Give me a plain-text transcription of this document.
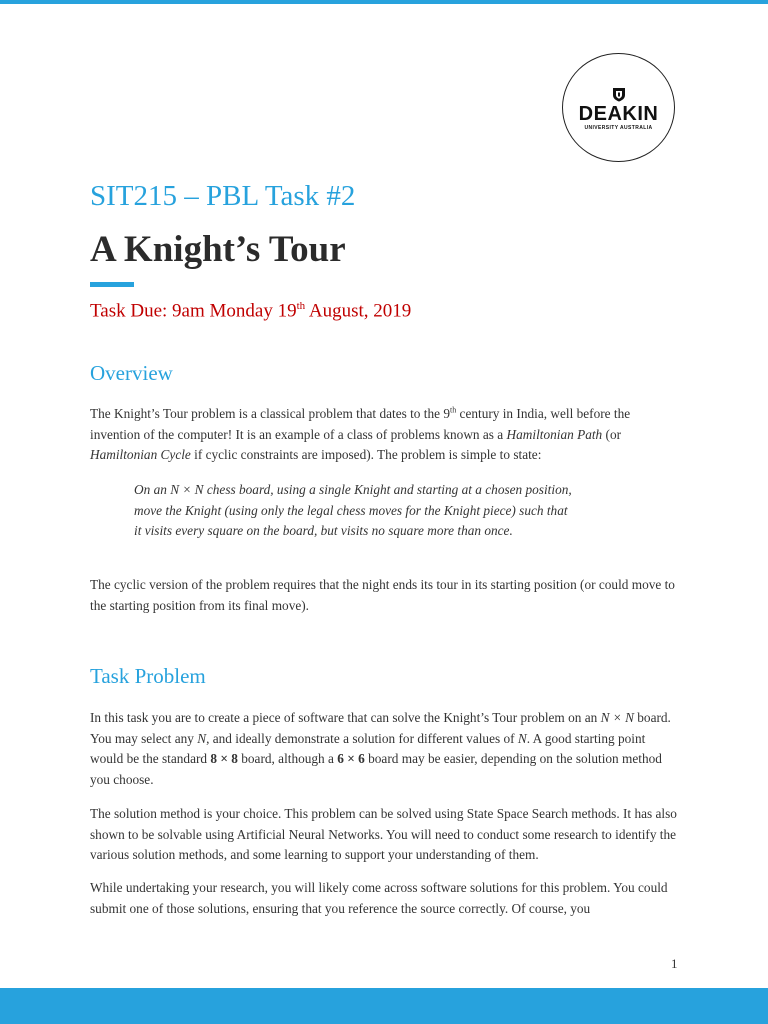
DEAKIN
UNIVERSITY AUSTRALIA
SIT215 – PBL Task #2
A Knight’s Tour
Task Due: 9am Monday 19th August, 2019
Overview
The Knight’s Tour problem is a classical problem that dates to the 9th century in India, well before the invention of the computer! It is an example of a class of problems known as a Hamiltonian Path (or Hamiltonian Cycle if cyclic constraints are imposed). The problem is simple to state:
On an N × N chess board, using a single Knight and starting at a chosen position, move the Knight (using only the legal chess moves for the Knight piece) such that it visits every square on the board, but visits no square more than once.
The cyclic version of the problem requires that the night ends its tour in its starting position (or could move to the starting position from its final move).
Task Problem
In this task you are to create a piece of software that can solve the Knight’s Tour problem on an N × N board. You may select any N, and ideally demonstrate a solution for different values of N. A good starting point would be the standard 8 × 8 board, although a 6 × 6 board may be easier, depending on the solution method you choose.
The solution method is your choice. This problem can be solved using State Space Search methods. It has also shown to be solvable using Artificial Neural Networks. You will need to conduct some research to identify the various solution methods, and some learning to support your understanding of them.
While undertaking your research, you will likely come across software solutions for this problem. You could submit one of those solutions, ensuring that you reference the source correctly. Of course, you
1
